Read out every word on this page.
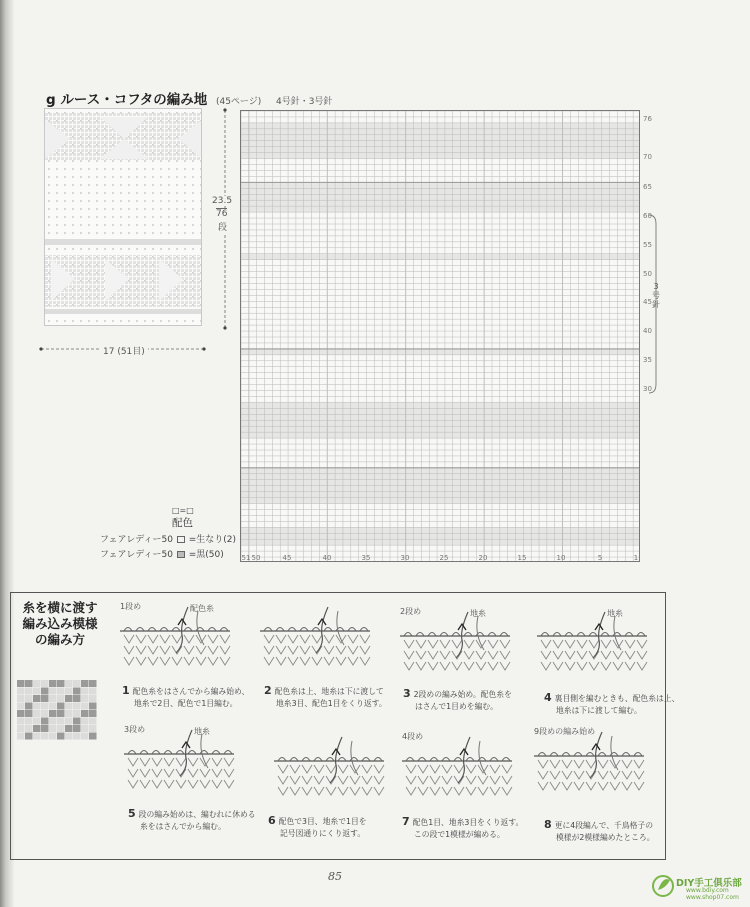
g ルース・コフタの編み地 (45ページ) 4号針・3号針
23.5
76
段
17 (51目)
76
70
65
60
55
50
45
40
35
30
3
号
針
51 50	45	40	35	30	25	20	15	10	5	1
□=□
配色
フェアレディー50 =生なり(2)
フェアレディー50 =黒(50)
糸を横に渡す
編み込み模様
の編み方
1段め	配色糸
1 配色糸をはさんでから編み始め、
地糸で2目、配色で1目編む。
2 配色糸は上、地糸は下に渡して
地糸3目、配色1目をくり返す。
2段め	地糸
3 2段めの編み始め。配色糸を
はさんで1目めを編む。
地糸
4 裏目側を編むときも、配色糸は上、
地糸は下に渡して編む。
3段め	地糸
5 段の編み始めは、編むれに休める
糸をはさんでから編む。	6 配色で3目、地糸で1目を
記号図通りにくり返す。
4段め
7 配色1目、地糸3目をくり返す。
この段で1模様が編める。
9段めの編み始め
8 更に4段編んで、千鳥格子の
模様が2模様編めたところ。
85
DIY手工俱乐部
www.bdiy.com
www.shop07.com
